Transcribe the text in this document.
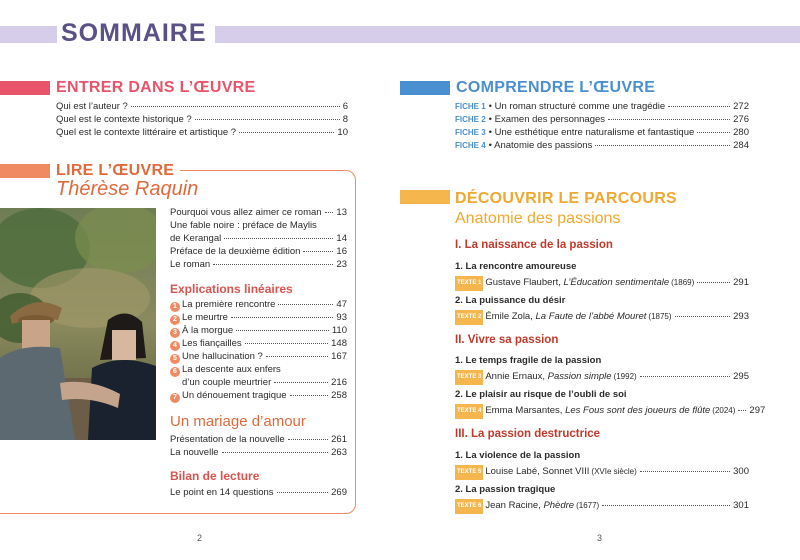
SOMMAIRE
ENTRER DANS L’ŒUVRE
Qui est l’auteur ?	6
Quel est le contexte historique ?	8
Quel est le contexte littéraire et artistique ?	10
LIRE L’ŒUVRE
Thérèse Raquin
Pourquoi vous allez aimer ce roman 13
Une fable noire : préface de Maylis
de Kerangal	14
Préface de la deuxième édition	16
Le roman	23
Explications linéaires
1 La première rencontre	47
2 Le meurtre	93
3 À la morgue	110
4 Les fiançailles	148
5 Une hallucination ?	167
6 La descente aux enfers
d’un couple meurtrier	216
7 Un dénouement tragique	258
Un mariage d’amour
Présentation de la nouvelle	261
La nouvelle	263
Bilan de lecture
Le point en 14 questions	269
COMPRENDRE L’ŒUVRE
FICHE 1 • Un roman structuré comme une tragédie	272
FICHE 2 • Examen des personnages	276
FICHE 3 • Une esthétique entre naturalisme et fantastique	280
FICHE 4 • Anatomie des passions	284
DÉCOUVRIR LE PARCOURS
Anatomie des passions
I. La naissance de la passion
1. La rencontre amoureuse
TEXTE 1 Gustave Flaubert,
L’Éducation sentimentale (1869)	291
2. La puissance du désir
TEXTE 2 Émile Zola,
La Faute de l’abbé Mouret (1875)	293
II. Vivre sa passion
1. Le temps fragile de la passion
TEXTE 3 Annie Ernaux,
Passion simple (1992)	295
2. Le plaisir au risque de l’oubli de soi
TEXTE 4 Emma Marsantes,
Les Fous sont des joueurs de flûte (2024) 297
III. La passion destructrice
1. La violence de la passion
TEXTE 5 Louise Labé, Sonnet VIII (XVIe siècle)	300
2. La passion tragique
TEXTE 6 Jean Racine,
Phèdre (1677)	301
2	3
